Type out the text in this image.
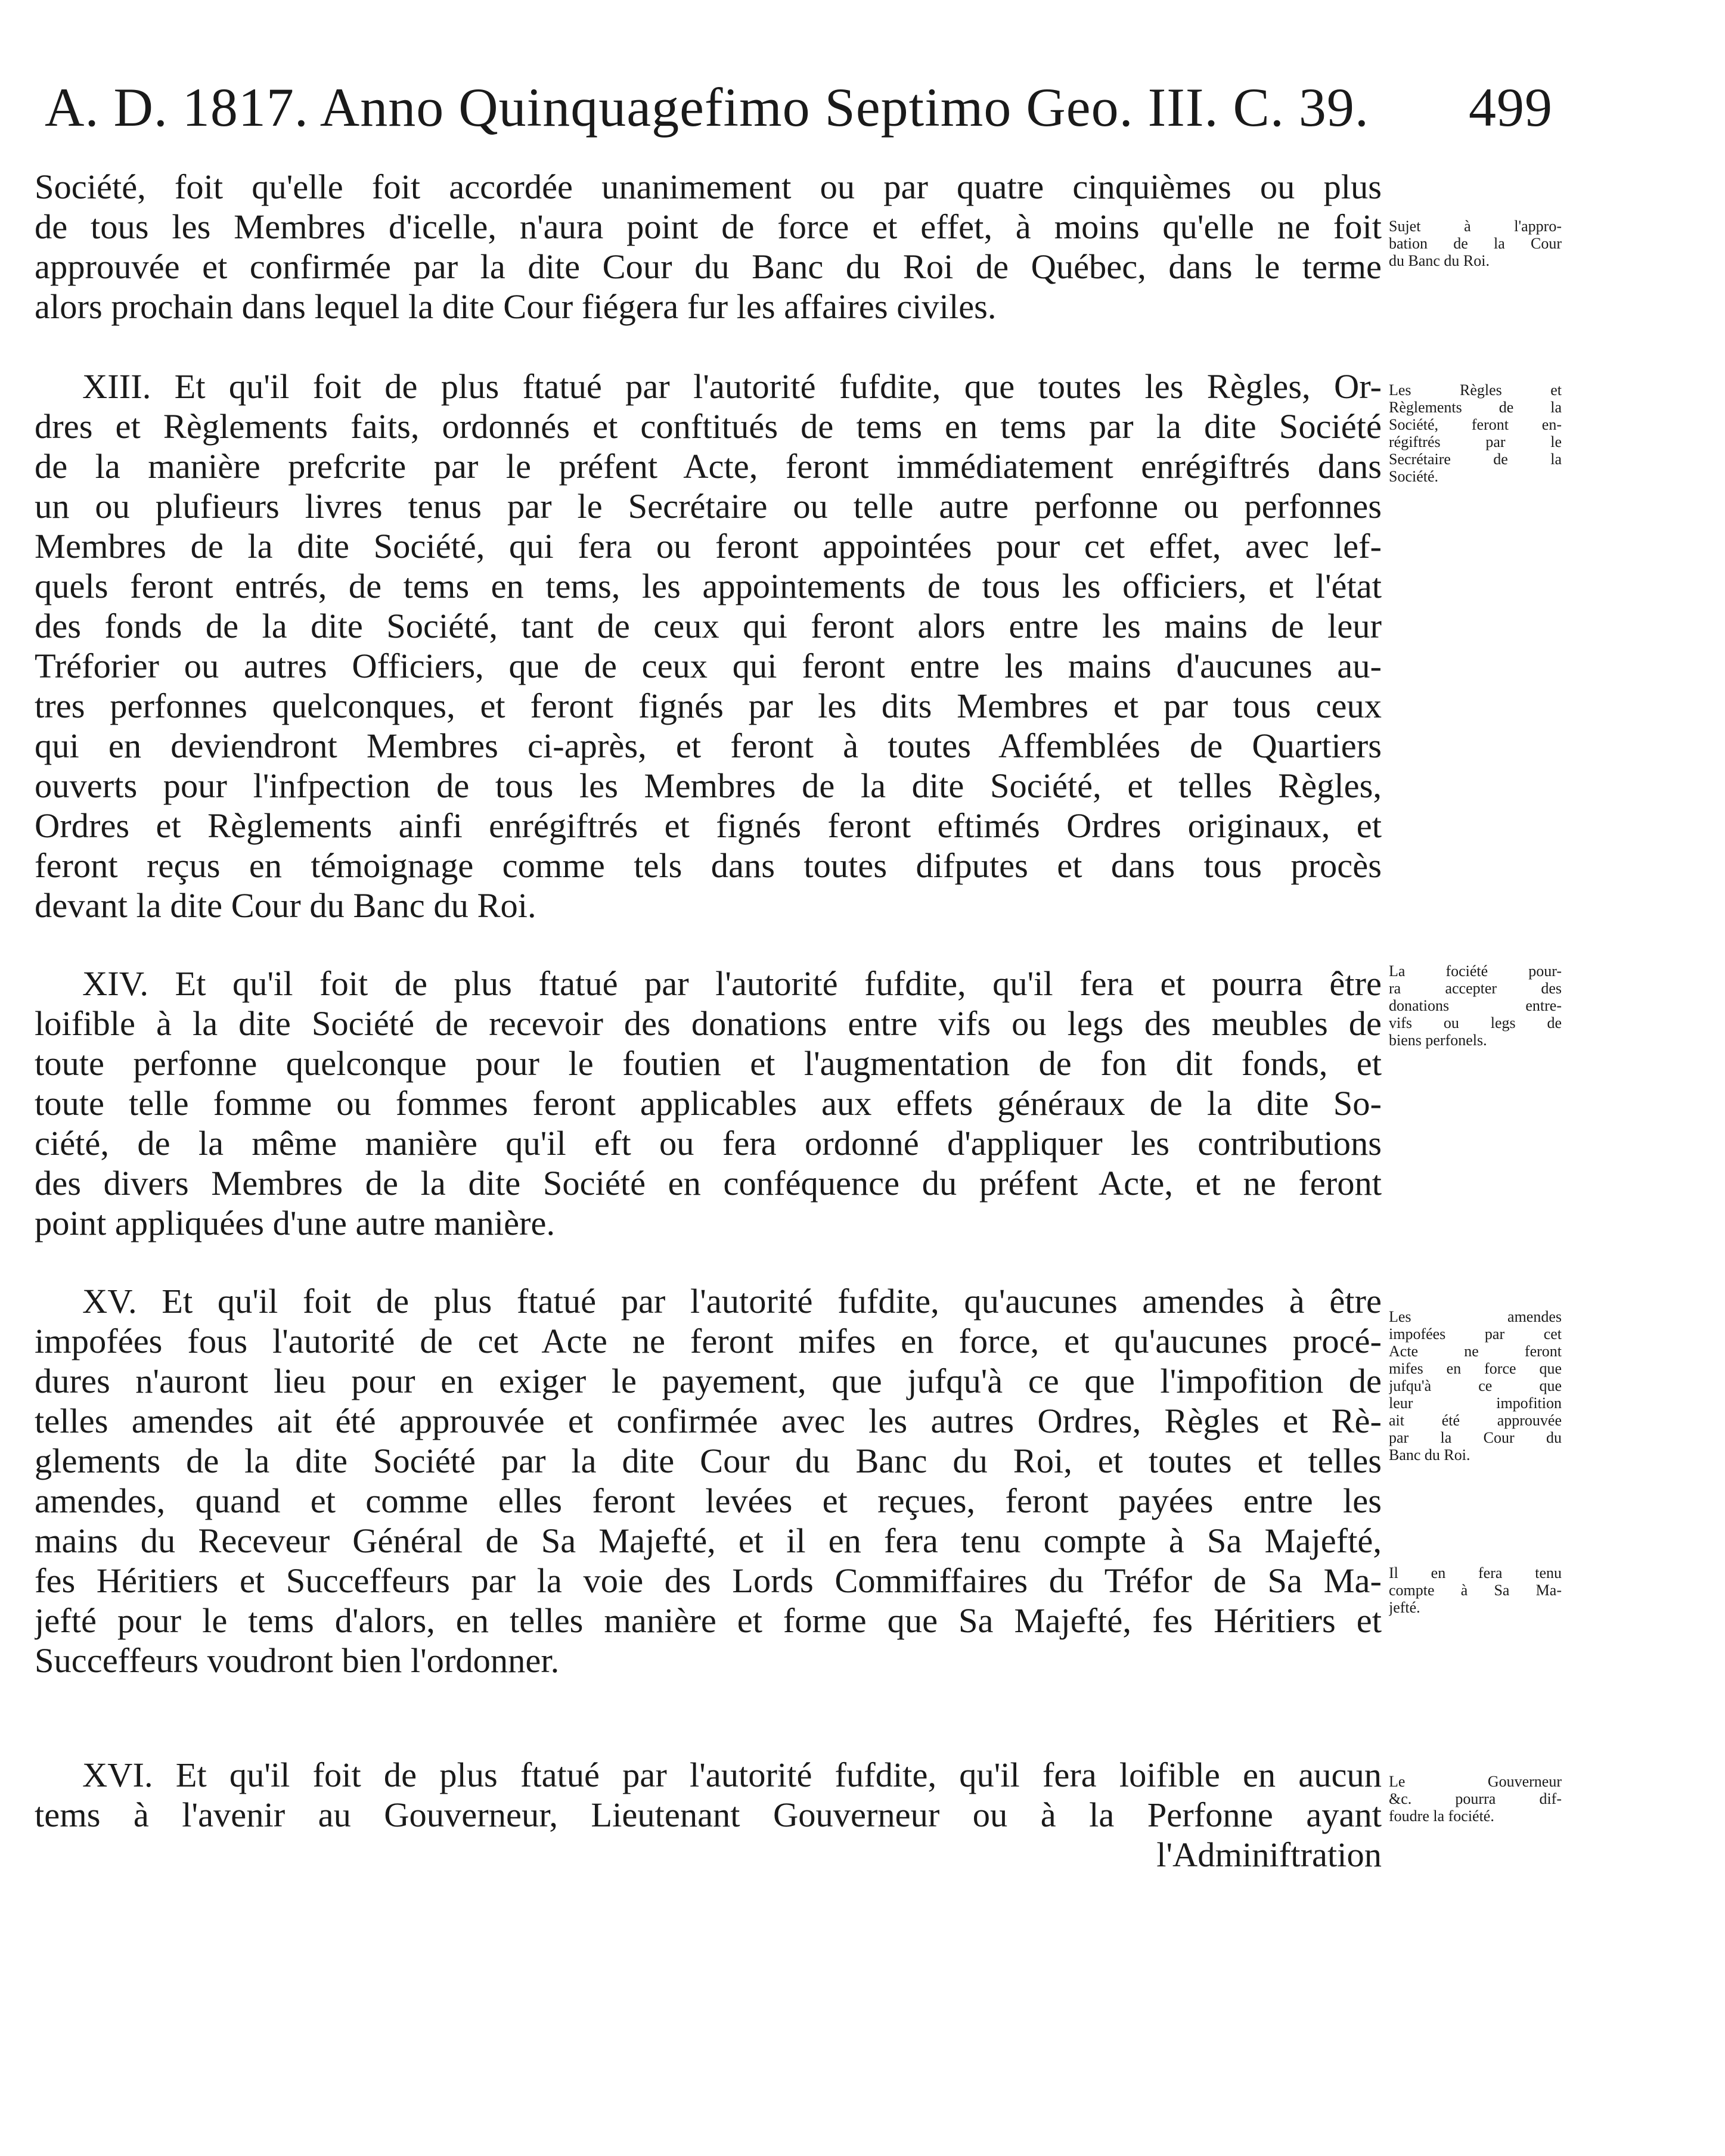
A. D. 1817. Anno Quinquagefimo Septimo Geo. III. C. 39. 499
Société, foit qu'elle foit accordée unanimement ou par quatre cinquièmes ou plus
de tous les Membres d'icelle, n'aura point de force et effet, à moins qu'elle ne foit
approuvée et confirmée par la dite Cour du Banc du Roi de Québec, dans le terme
alors prochain dans lequel la dite Cour fiégera fur les affaires civiles.
XIII. Et qu'il foit de plus ftatué par l'autorité fufdite, que toutes les Règles, Or-
dres et Règlements faits, ordonnés et conftitués de tems en tems par la dite Société
de la manière prefcrite par le préfent Acte, feront immédiatement enrégiftrés dans
un ou plufieurs livres tenus par le Secrétaire ou telle autre perfonne ou perfonnes
Membres de la dite Société, qui fera ou feront appointées pour cet effet, avec lef-
quels feront entrés, de tems en tems, les appointements de tous les officiers, et l'état
des fonds de la dite Société, tant de ceux qui feront alors entre les mains de leur
Tréforier ou autres Officiers, que de ceux qui feront entre les mains d'aucunes au-
tres perfonnes quelconques, et feront fignés par les dits Membres et par tous ceux
qui en deviendront Membres ci-après, et feront à toutes Affemblées de Quartiers
ouverts pour l'infpection de tous les Membres de la dite Société, et telles Règles,
Ordres et Règlements ainfi enrégiftrés et fignés feront eftimés Ordres originaux, et
feront reçus en témoignage comme tels dans toutes difputes et dans tous procès
devant la dite Cour du Banc du Roi.
XIV. Et qu'il foit de plus ftatué par l'autorité fufdite, qu'il fera et pourra être
loifible à la dite Société de recevoir des donations entre vifs ou legs des meubles de
toute perfonne quelconque pour le foutien et l'augmentation de fon dit fonds, et
toute telle fomme ou fommes feront applicables aux effets généraux de la dite So-
ciété, de la même manière qu'il eft ou fera ordonné d'appliquer les contributions
des divers Membres de la dite Société en conféquence du préfent Acte, et ne feront
point appliquées d'une autre manière.
XV. Et qu'il foit de plus ftatué par l'autorité fufdite, qu'aucunes amendes à être
impofées fous l'autorité de cet Acte ne feront mifes en force, et qu'aucunes procé-
dures n'auront lieu pour en exiger le payement, que jufqu'à ce que l'impofition de
telles amendes ait été approuvée et confirmée avec les autres Ordres, Règles et Rè-
glements de la dite Société par la dite Cour du Banc du Roi, et toutes et telles
amendes, quand et comme elles feront levées et reçues, feront payées entre les
mains du Receveur Général de Sa Majefté, et il en fera tenu compte à Sa Majefté,
fes Héritiers et Succeffeurs par la voie des Lords Commiffaires du Tréfor de Sa Ma-
jefté pour le tems d'alors, en telles manière et forme que Sa Majefté, fes Héritiers et
Succeffeurs voudront bien l'ordonner.
XVI. Et qu'il foit de plus ftatué par l'autorité fufdite, qu'il fera loifible en aucun
tems à l'avenir au Gouverneur, Lieutenant Gouverneur ou à la Perfonne ayant
l'Adminiftration
Sujet à l'appro-
bation de la Cour
du Banc du Roi.
Les Règles et
Règlements de la
Société, feront en-
régiftrés par le
Secrétaire de la
Société.
La fociété pour-
ra accepter des
donations entre-
vifs ou legs de
biens perfonels.
Les amendes
impofées par cet
Acte ne feront
mifes en force que
jufqu'à ce que
leur impofition
ait été approuvée
par la Cour du
Banc du Roi.
Il en fera tenu
compte à Sa Ma-
jefté.
Le Gouverneur
&c. pourra dif-
foudre la fociété.
